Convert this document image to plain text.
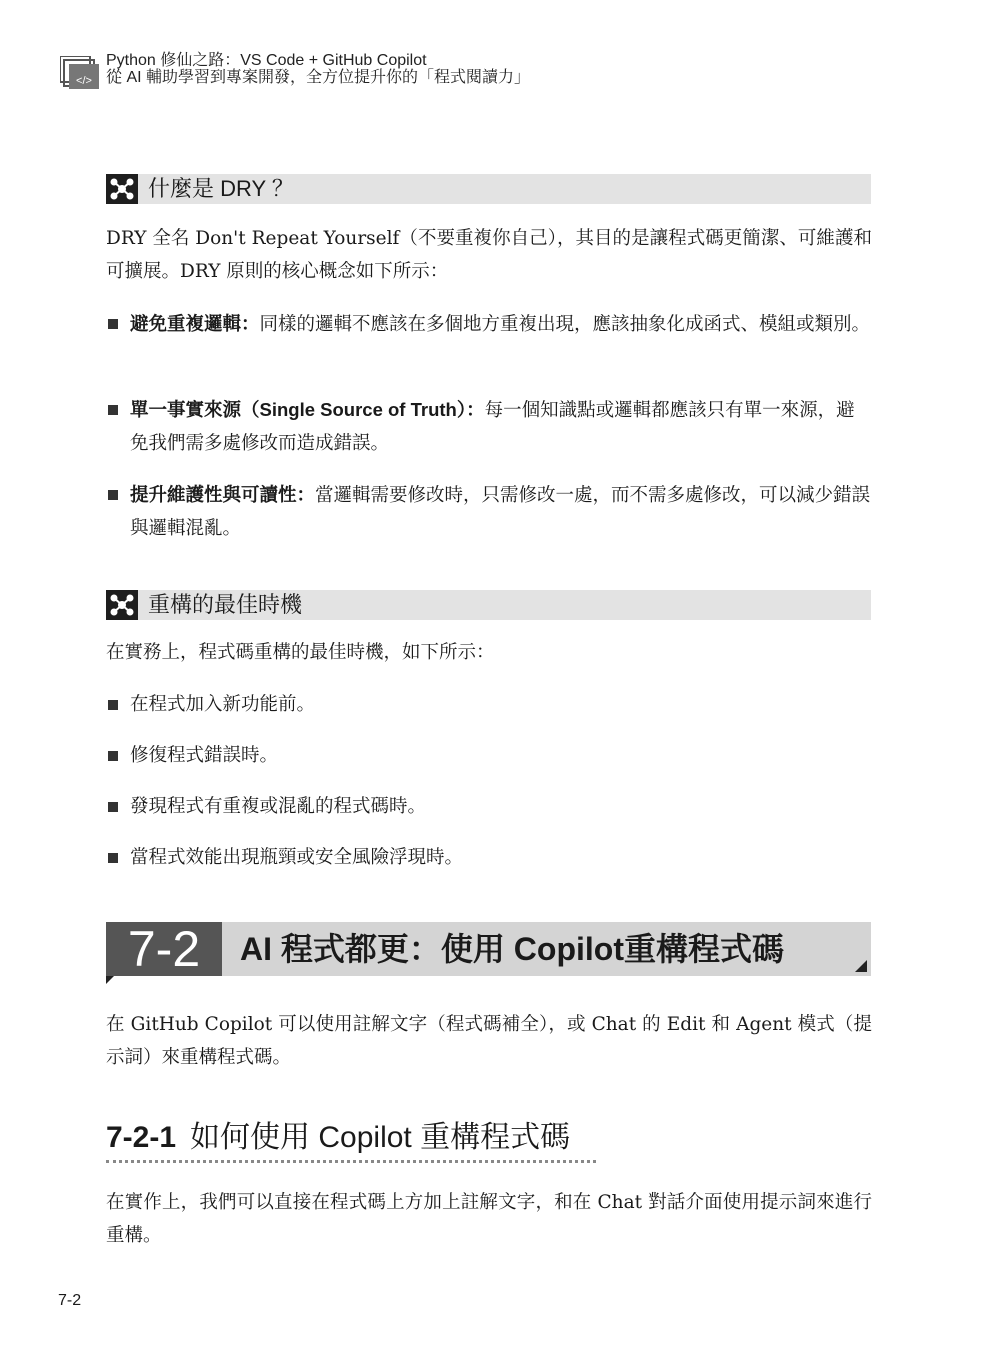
</>
Python 修仙之路：VS Code + GitHub Copilot
從 AI 輔助學習到專案開發，全方位提升你的「程式閱讀力」
什麼是 DRY ？
DRY 全名 Don't Repeat Yourself（不要重複你自己），其目的是讓程式碼更簡潔、可維護和可擴展。DRY 原則的核心概念如下所示：
避免重複邏輯：同樣的邏輯不應該在多個地方重複出現，應該抽象化成函式、模組或類別。
單一事實來源（Single Source of Truth）：每一個知識點或邏輯都應該只有單一來源，避免我們需多處修改而造成錯誤。
提升維護性與可讀性：當邏輯需要修改時，只需修改一處，而不需多處修改，可以減少錯誤與邏輯混亂。
重構的最佳時機
在實務上，程式碼重構的最佳時機，如下所示：
在程式加入新功能前。
修復程式錯誤時。
發現程式有重複或混亂的程式碼時。
當程式效能出現瓶頸或安全風險浮現時。
7-2	AI 程式都更：使用 Copilot重構程式碼
在 GitHub Copilot 可以使用註解文字（程式碼補全），或 Chat 的 Edit 和 Agent 模式（提示詞）來重構程式碼。
7-2-1 如何使用 Copilot 重構程式碼
在實作上，我們可以直接在程式碼上方加上註解文字，和在 Chat 對話介面使用提示詞來進行重構。
7-2
